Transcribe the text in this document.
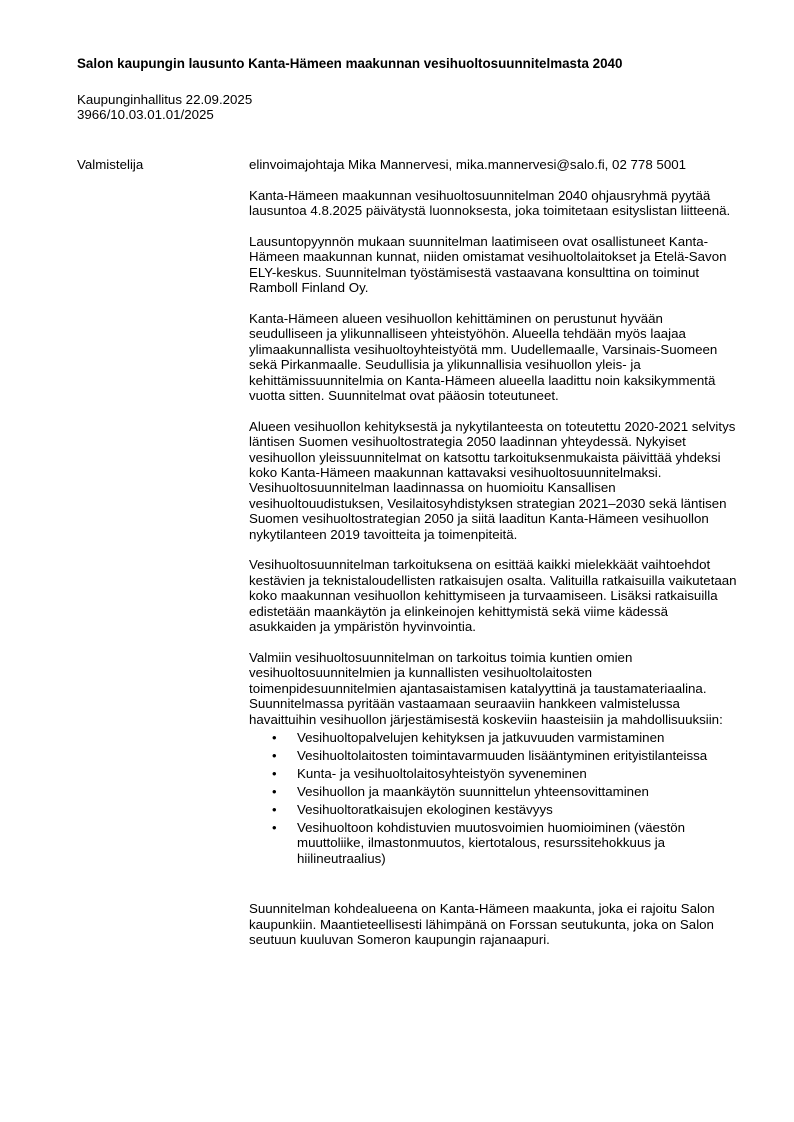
Salon kaupungin lausunto Kanta-Hämeen maakunnan vesihuoltosuunnitelmasta 2040
Kaupunginhallitus 22.09.2025
3966/10.03.01.01/2025
Valmistelija	elinvoimajohtaja Mika Mannervesi, mika.mannervesi@salo.fi, 02 778 5001

Kanta-Hämeen maakunnan vesihuoltosuunnitelman 2040 ohjausryhmä pyytää lausuntoa 4.8.2025 päivätystä luonnoksesta, joka toimitetaan esityslistan liitteenä.

Lausuntopyynnön mukaan suunnitelman laatimiseen ovat osallistuneet Kanta-Hämeen maakunnan kunnat, niiden omistamat vesihuoltolaitokset ja Etelä-Savon ELY-keskus. Suunnitelman työstämisestä vastaavana konsulttina on toiminut Ramboll Finland Oy.

Kanta-Hämeen alueen vesihuollon kehittäminen on perustunut hyvään seudulliseen ja ylikunnalliseen yhteistyöhön. Alueella tehdään myös laajaa ylimaakunnallista vesihuoltoyhteistyötä mm. Uudellemaalle, Varsinais-Suomeen sekä Pirkanmaalle. Seudullisia ja ylikunnallisia vesihuollon yleis- ja kehittämissuunnitelmia on Kanta-Hämeen alueella laadittu noin kaksikymmentä vuotta sitten. Suunnitelmat ovat pääosin toteutuneet.

Alueen vesihuollon kehityksestä ja nykytilanteesta on toteutettu 2020-2021 selvitys läntisen Suomen vesihuoltostrategia 2050 laadinnan yhteydessä. Nykyiset vesihuollon yleissuunnitelmat on katsottu tarkoituksenmukaista päivittää yhdeksi koko Kanta-Hämeen maakunnan kattavaksi vesihuoltosuunnitelmaksi. Vesihuoltosuunnitelman laadinnassa on huomioitu Kansallisen vesihuoltouudistuksen, Vesilaitosyhdistyksen strategian 2021–2030 sekä läntisen Suomen vesihuoltostrategian 2050 ja siitä laaditun Kanta-Hämeen vesihuollon nykytilanteen 2019 tavoitteita ja toimenpiteitä.

Vesihuoltosuunnitelman tarkoituksena on esittää kaikki mielekkäät vaihtoehdot kestävien ja teknistaloudellisten ratkaisujen osalta. Valituilla ratkaisuilla vaikutetaan koko maakunnan vesihuollon kehittymiseen ja turvaamiseen. Lisäksi ratkaisuilla edistetään maankäytön ja elinkeinojen kehittymistä sekä viime kädessä asukkaiden ja ympäristön hyvinvointia.

Valmiin vesihuoltosuunnitelman on tarkoitus toimia kuntien omien vesihuoltosuunnitelmien ja kunnallisten vesihuoltolaitosten toimenpidesuunnitelmien ajantasaistamisen katalyyttinä ja taustamateriaalina. Suunnitelmassa pyritään vastaamaan seuraaviin hankkeen valmistelussa havaittuihin vesihuollon järjestämisestä koskeviin haasteisiin ja mahdollisuuksiin:

• Vesihuoltopalvelujen kehityksen ja jatkuvuuden varmistaminen
• Vesihuoltolaitosten toimintavarmuuden lisääntyminen erityistilanteissa
• Kunta- ja vesihuoltolaitosyhteistyön syveneminen
• Vesihuollon ja maankäytön suunnittelun yhteensovittaminen
• Vesihuoltoratkaisujen ekologinen kestävyys
• Vesihuoltoon kohdistuvien muutosvoimien huomioiminen (väestön muuttoliike, ilmastonmuutos, kiertotalous, resurssitehokkuus ja hiilineutraalius)

Suunnitelman kohdealueena on Kanta-Hämeen maakunta, joka ei rajoitu Salon kaupunkiin. Maantieteellisesti lähimpänä on Forssan seutukunta, joka on Salon seutuun kuuluvan Someron kaupungin rajanaapuri.
